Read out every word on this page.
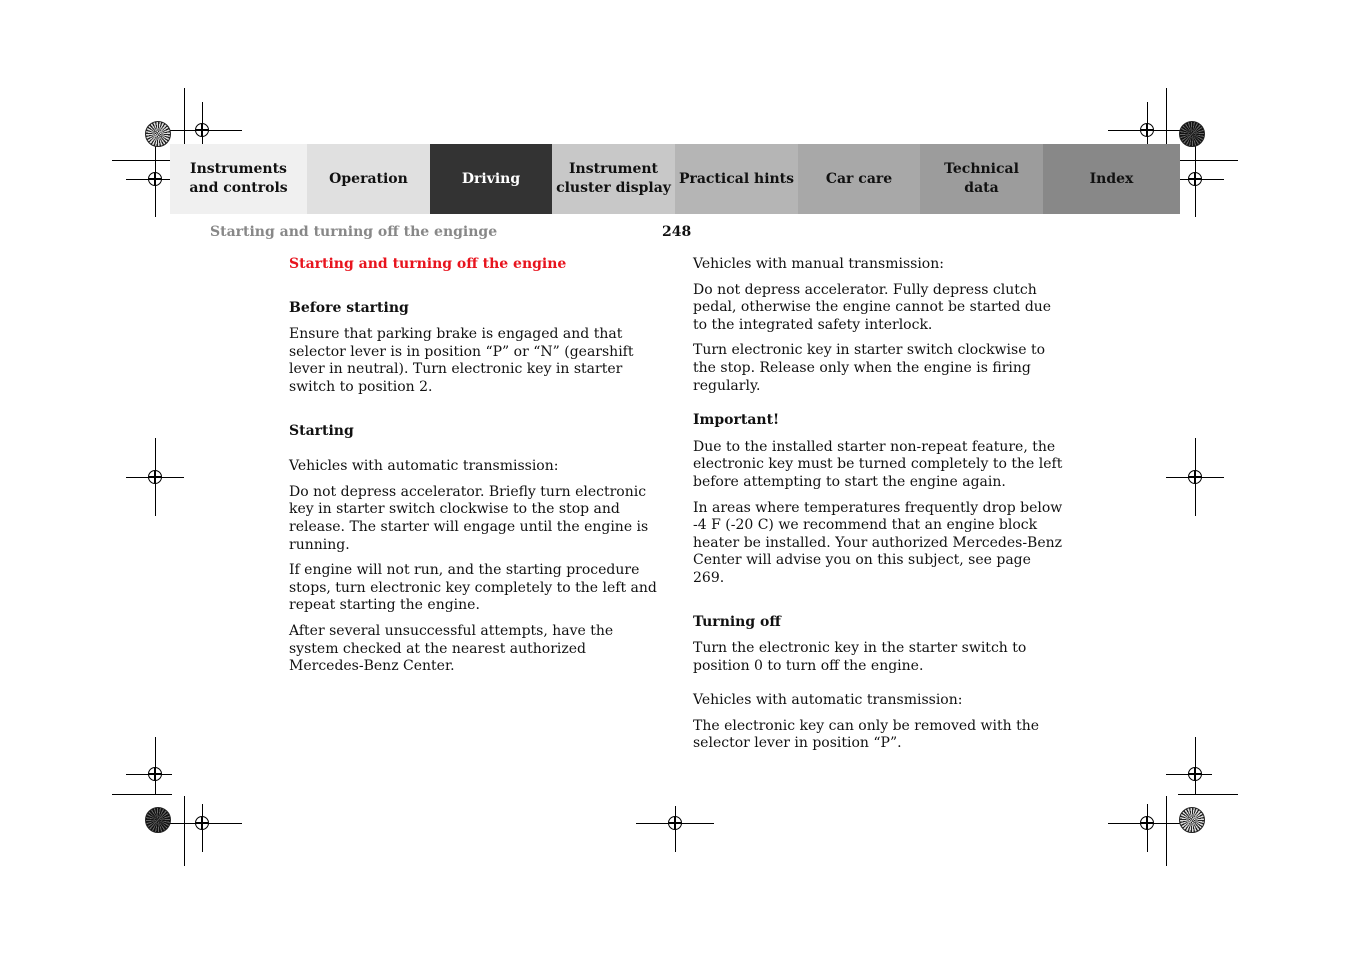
Instruments
and controls
Operation	Driving
Instrument
cluster display
Practical hints Car care
Technical
data
Index
Starting and turning off the enginge	248
Starting and turning off the engine
Before starting

Ensure that parking brake is engaged and that selector lever is in position “P” or “N” (gearshift lever in neutral). Turn electronic key in starter switch to position 2.

Starting

Vehicles with automatic transmission:

Do not depress accelerator. Briefly turn electronic key in starter switch clockwise to the stop and release. The starter will engage until the engine is running.

If engine will not run, and the starting procedure stops, turn electronic key completely to the left and repeat starting the engine.

After several unsuccessful attempts, have the system checked at the nearest authorized Mercedes-Benz Center.

Vehicles with manual transmission:

Do not depress accelerator. Fully depress clutch pedal, otherwise the engine cannot be started due to the integrated safety interlock.

Turn electronic key in starter switch clockwise to the stop. Release only when the engine is firing regularly.

Important!

Due to the installed starter non-repeat feature, the electronic key must be turned completely to the left before attempting to start the engine again.

In areas where temperatures frequently drop below -4 F (-20 C) we recommend that an engine block heater be installed. Your authorized Mercedes-Benz Center will advise you on this subject, see page 269.

Turning off

Turn the electronic key in the starter switch to position 0 to turn off the engine.

Vehicles with automatic transmission:

The electronic key can only be removed with the selector lever in position “P”.
